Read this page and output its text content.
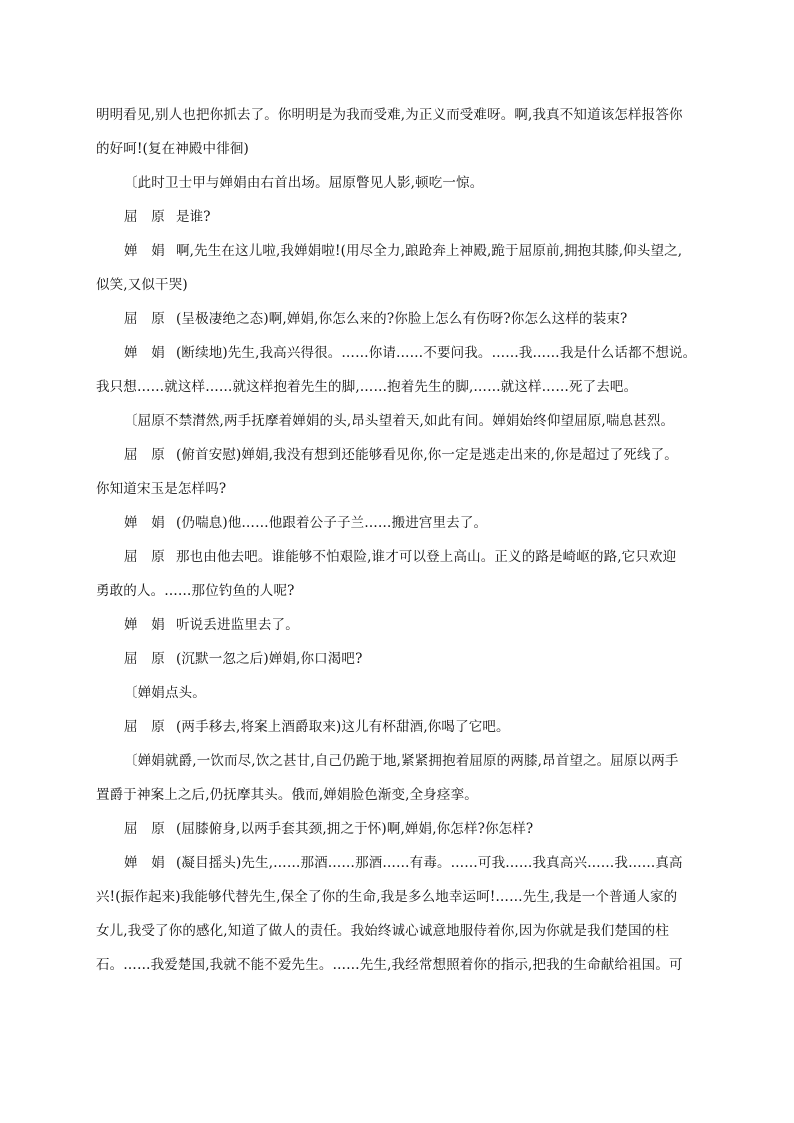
明明看见,别人也把你抓去了。你明明是为我而受难,为正义而受难呀。啊,我真不知道该怎样报答你
的好呵!(复在神殿中徘徊)
〔此时卫士甲与婵娟由右首出场。屈原瞥见人影,顿吃一惊。
屈　原 是谁?
婵　娟 啊,先生在这儿啦,我婵娟啦!(用尽全力,踉跄奔上神殿,跪于屈原前,拥抱其膝,仰头望之,
似笑,又似干哭)
屈　原 (呈极凄绝之态)啊,婵娟,你怎么来的?你脸上怎么有伤呀?你怎么这样的装束?
婵　娟 (断续地)先生,我高兴得很。……你请……不要问我。……我……我是什么话都不想说。
我只想……就这样……就这样抱着先生的脚,……抱着先生的脚,……就这样……死了去吧。
〔屈原不禁潸然,两手抚摩着婵娟的头,昂头望着天,如此有间。婵娟始终仰望屈原,喘息甚烈。
屈　原 (俯首安慰)婵娟,我没有想到还能够看见你,你一定是逃走出来的,你是超过了死线了。
你知道宋玉是怎样吗?
婵　娟 (仍喘息)他……他跟着公子子兰……搬进宫里去了。
屈　原 那也由他去吧。谁能够不怕艰险,谁才可以登上高山。正义的路是崎岖的路,它只欢迎
勇敢的人。……那位钓鱼的人呢?
婵　娟 听说丢进监里去了。
屈　原 (沉默一忽之后)婵娟,你口渴吧?
〔婵娟点头。
屈　原 (两手移去,将案上酒爵取来)这儿有杯甜酒,你喝了它吧。
〔婵娟就爵,一饮而尽,饮之甚甘,自己仍跪于地,紧紧拥抱着屈原的两膝,昂首望之。屈原以两手
置爵于神案上之后,仍抚摩其头。俄而,婵娟脸色渐变,全身痉挛。
屈　原 (屈膝俯身,以两手套其颈,拥之于怀)啊,婵娟,你怎样?你怎样?
婵　娟 (凝目摇头)先生,……那酒……那酒……有毒。……可我……我真高兴……我……真高
兴!(振作起来)我能够代替先生,保全了你的生命,我是多么地幸运呵!……先生,我是一个普通人家的
女儿,我受了你的感化,知道了做人的责任。我始终诚心诚意地服侍着你,因为你就是我们楚国的柱
石。……我爱楚国,我就不能不爱先生。……先生,我经常想照着你的指示,把我的生命献给祖国。可
